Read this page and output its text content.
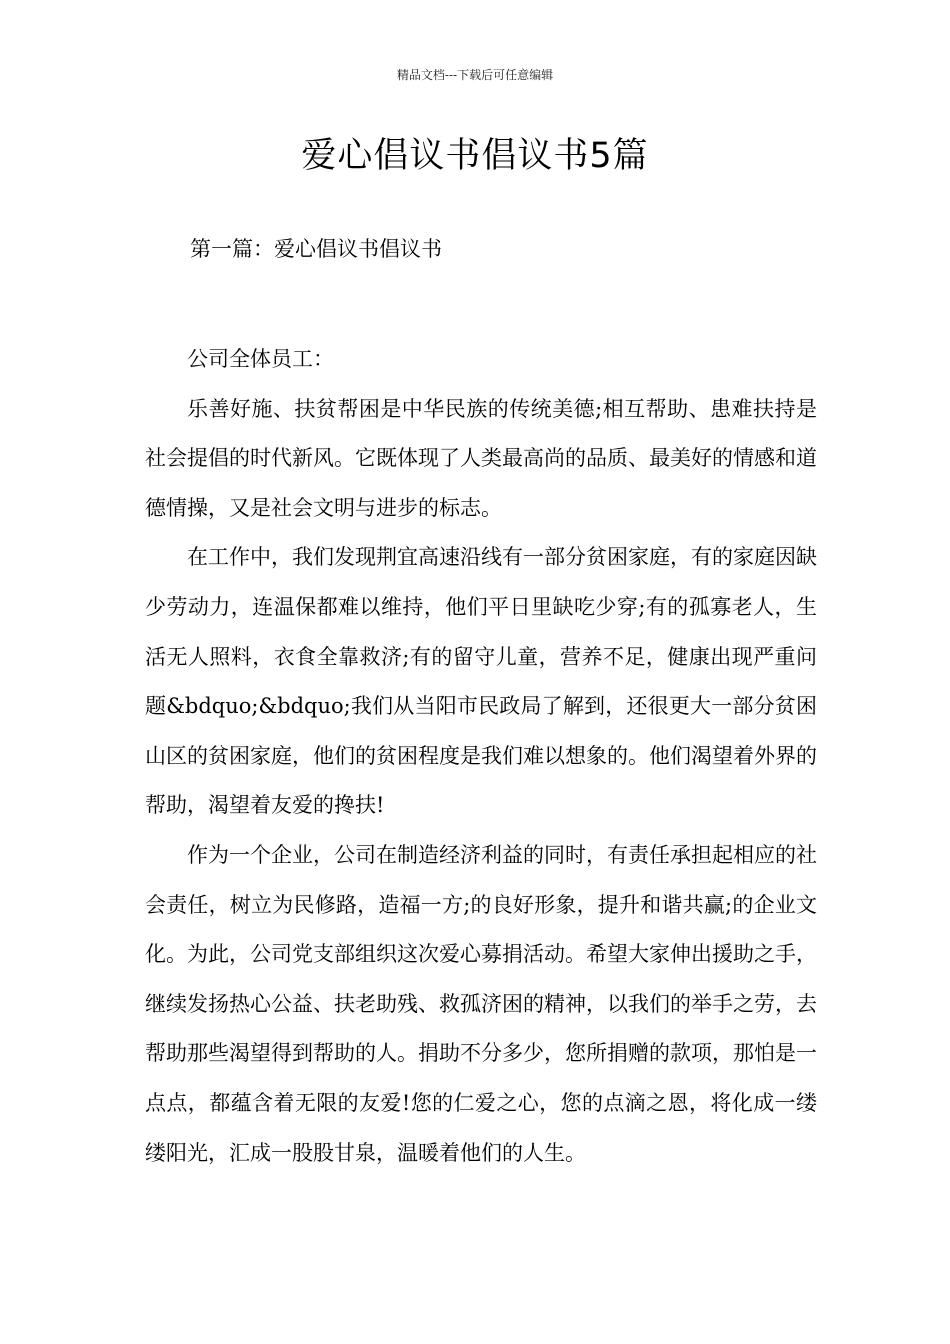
精品文档---下载后可任意编辑
爱心倡议书倡议书5篇
第一篇：爱心倡议书倡议书

公司全体员工：

乐善好施、扶贫帮困是中华民族的传统美德;相互帮助、患难扶持是社会提倡的时代新风。它既体现了人类最高尚的品质、最美好的情感和道德情操，又是社会文明与进步的标志。

在工作中，我们发现荆宜高速沿线有一部分贫困家庭，有的家庭因缺少劳动力，连温保都难以维持，他们平日里缺吃少穿;有的孤寡老人，生活无人照料，衣食全靠救济;有的留守儿童，营养不足，健康出现严重问题&bdquo;&bdquo;我们从当阳市民政局了解到，还很更大一部分贫困山区的贫困家庭，他们的贫困程度是我们难以想象的。他们渴望着外界的帮助，渴望着友爱的搀扶!

作为一个企业，公司在制造经济利益的同时，有责任承担起相应的社会责任，树立为民修路，造福一方;的良好形象，提升和谐共赢;的企业文化。为此，公司党支部组织这次爱心募捐活动。希望大家伸出援助之手，继续发扬热心公益、扶老助残、救孤济困的精神，以我们的举手之劳，去帮助那些渴望得到帮助的人。捐助不分多少，您所捐赠的款项，那怕是一点点，都蕴含着无限的友爱!您的仁爱之心，您的点滴之恩，将化成一缕缕阳光，汇成一股股甘泉，温暖着他们的人生。
